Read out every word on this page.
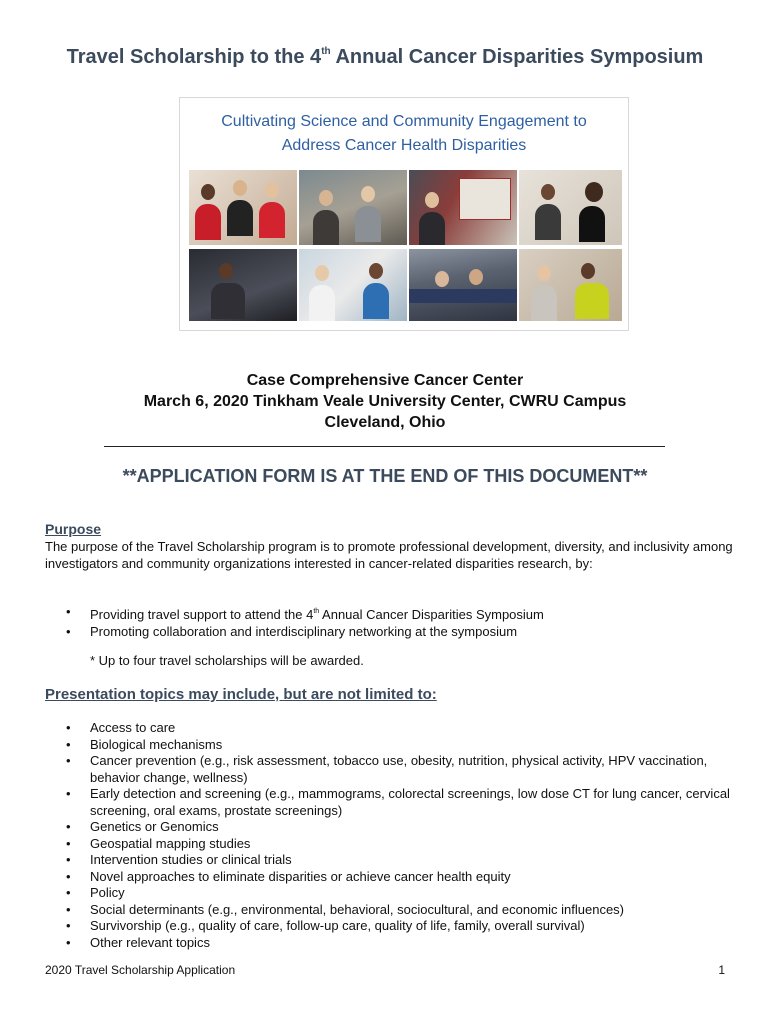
Travel Scholarship to the 4th Annual Cancer Disparities Symposium
Cultivating Science and Community Engagement to
Address Cancer Health Disparities
Case Comprehensive Cancer Center
March 6, 2020 Tinkham Veale University Center, CWRU Campus
Cleveland, Ohio
**APPLICATION FORM IS AT THE END OF THIS DOCUMENT**
Purpose
The purpose of the Travel Scholarship program is to promote professional development, diversity, and inclusivity among investigators and community organizations interested in cancer-related disparities research, by:
• Providing travel support to attend the 4th Annual Cancer Disparities Symposium
• Promoting collaboration and interdisciplinary networking at the symposium
* Up to four travel scholarships will be awarded.
Presentation topics may include, but are not limited to:
• Access to care
• Biological mechanisms
• Cancer prevention (e.g., risk assessment, tobacco use, obesity, nutrition, physical activity, HPV vaccination, behavior change, wellness)
• Early detection and screening (e.g., mammograms, colorectal screenings, low dose CT for lung cancer, cervical screening, oral exams, prostate screenings)
• Genetics or Genomics
• Geospatial mapping studies
• Intervention studies or clinical trials
• Novel approaches to eliminate disparities or achieve cancer health equity
• Policy
• Social determinants (e.g., environmental, behavioral, sociocultural, and economic influences)
• Survivorship (e.g., quality of care, follow-up care, quality of life, family, overall survival)
• Other relevant topics
2020 Travel Scholarship Application	1
